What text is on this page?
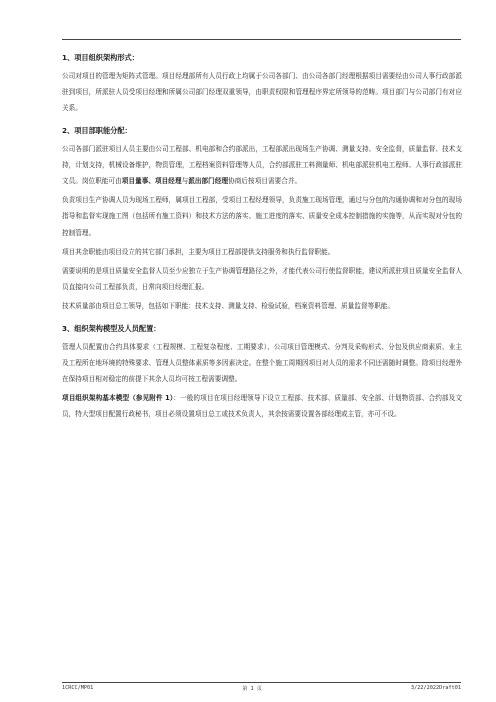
1、项目组织架构形式：

公司对项目的管理为矩阵式管理。项目经理部所有人员行政上均属于公司各部门、由公司各部门经理根据项目需要经由公司人事行政部派驻到项目，所派驻人员受项目经理和所属公司部门经理双重领导，由职责权限和管理程序界定所领导的范畴。项目部门与公司部门有对应关系。

2、项目部职能分配：

公司各部门派驻项目人员主要由公司工程部、机电部和合约部派出，工程部派出现场生产协调、测量支持、安全监督，质量监督、技术支持，计划支持，机械设备维护，物资管理，工程档案资料管理等人员，合约部派驻工料测量师、机电部派驻机电工程师、人事行政部派驻文员。岗位职能可由项目量事、项目经理与派出部门经理协商后按项目需要合并。

负责项目生产协调人员为现场工程师，属项目工程部，受项目工程经理领导，负责施工现场管理，通过与分包的沟通协调和对分包的现场指导和监督实现施工图（包括所有施工资料）和技术方法的落实、施工进度的落实、质量安全成本控制措施的实施等，从而实现对分包的控制管理。

项目其余职能由项目设立的其它部门承担，主要为项目工程部提供支持服务和执行监督职能。

需要说明的是项目质量安全监督人员至少应独立于生产协调管理路径之外，才能代表公司行使监督职能，建议所派驻项目质量安全监督人员直接向公司工程部负责，日常向项目经理汇报。

技术质量部由项目总工领导，包括如下职能：技术支持、测量支持、检验试验，档案资料管理、质量监督等职能。

3、组织架构模型及人员配置：

管理人员配置由合约具体要求（工程规模、工程复杂程度、工期要求）、公司项目管理模式、分判及采购形式、分包及供应商素质、业主及工程所在地环境的特殊要求、管理人员整体素质等多因素决定。在整个施工周期因项目对人员的需求不同还需随时调整。除项目经理外在保持项目相对稳定的前提下其余人员均可按工程需要调整。

项目组织架构基本模型（参见附件 1）：一般的项目在项目经理领导下设立工程部、技术部、质量部、安全部、计划物资部、合约部及文员，特大型项目配置行政秘书，项目必须设置项目总工或技术负责人，其余按需要设置各部经理或主管，亦可不设。

1CRCC/MP01	第 1 页	3/22/2022Draft01
